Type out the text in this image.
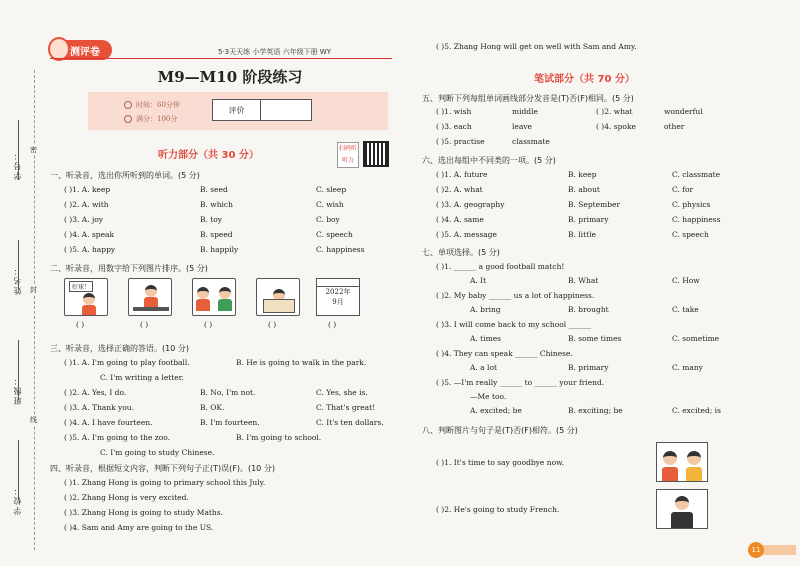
学号：
姓名：
班级：
学校：
密
封
线
测评卷	5·3天天练 小学英语 六年级下册 WY
M9—M10 阶段练习
时间：60分钟
满分：100分
评价
听力部分（共 30 分）
扫码听听力
一、听录音，选出你所听到的单词。(5 分)
( )1. A. keep	B. seed	C. sleep
( )2. A. with	B. which	C. wish
( )3. A. joy	B. toy	C. boy
( )4. A. speak	B. speed	C. speech
( )5. A. happy	B. happily	C. happiness
二、听录音，用数字给下列图片排序。(5 分)
好球！
2022年
9月
( )	( )	( )	( )	( )
三、听录音，选择正确的答语。(10 分)
( )1. A. I'm going to play football.	B. He is going to walk in the park.
C. I'm writing a letter.
( )2. A. Yes, I do.	B. No, I'm not.	C. Yes, she is.
( )3. A. Thank you.	B. OK.	C. That's great!
( )4. A. I have fourteen.	B. I'm fourteen.	C. It's ten dollars.
( )5. A. I'm going to the zoo.	B. I'm going to school.
C. I'm going to study Chinese.
四、听录音，根据短文内容，判断下列句子正(T)误(F)。(10 分)
( )1. Zhang Hong is going to primary school this July.
( )2. Zhang Hong is very excited.
( )3. Zhang Hong is going to study Maths.
( )4. Sam and Amy are going to the US.
( )5. Zhang Hong will get on well with Sam and Amy.
笔试部分（共 70 分）
五、判断下列每组单词画线部分发音是(T)否(F)相同。(5 分)
( )1. wish	middle	( )2. what	wonderful
( )3. each	leave	( )4. spoke	other
( )5. practise	classmate
六、选出每组中不同类的一项。(5 分)
( )1. A. future	B. keep	C. classmate
( )2. A. what	B. about	C. for
( )3. A. geography	B. September	C. physics
( )4. A. same	B. primary	C. happiness
( )5. A. message	B. little	C. speech
七、单项选择。(5 分)
( )1. ______ a good football match!
A. It	B. What	C. How
( )2. My baby ______ us a lot of happiness.
A. bring	B. brought	C. take
( )3. I will come back to my school ______
A. times	B. some times	C. sometime
( )4. They can speak ______ Chinese.
A. a lot	B. primary	C. many
( )5. —I'm really ______ to ______ your friend.
—Me too.
A. excited; be	B. exciting; be	C. excited; is
八、判断图片与句子是(T)否(F)相符。(5 分)
( )1. It's time to say goodbye now.
( )2. He's going to study French.
11
